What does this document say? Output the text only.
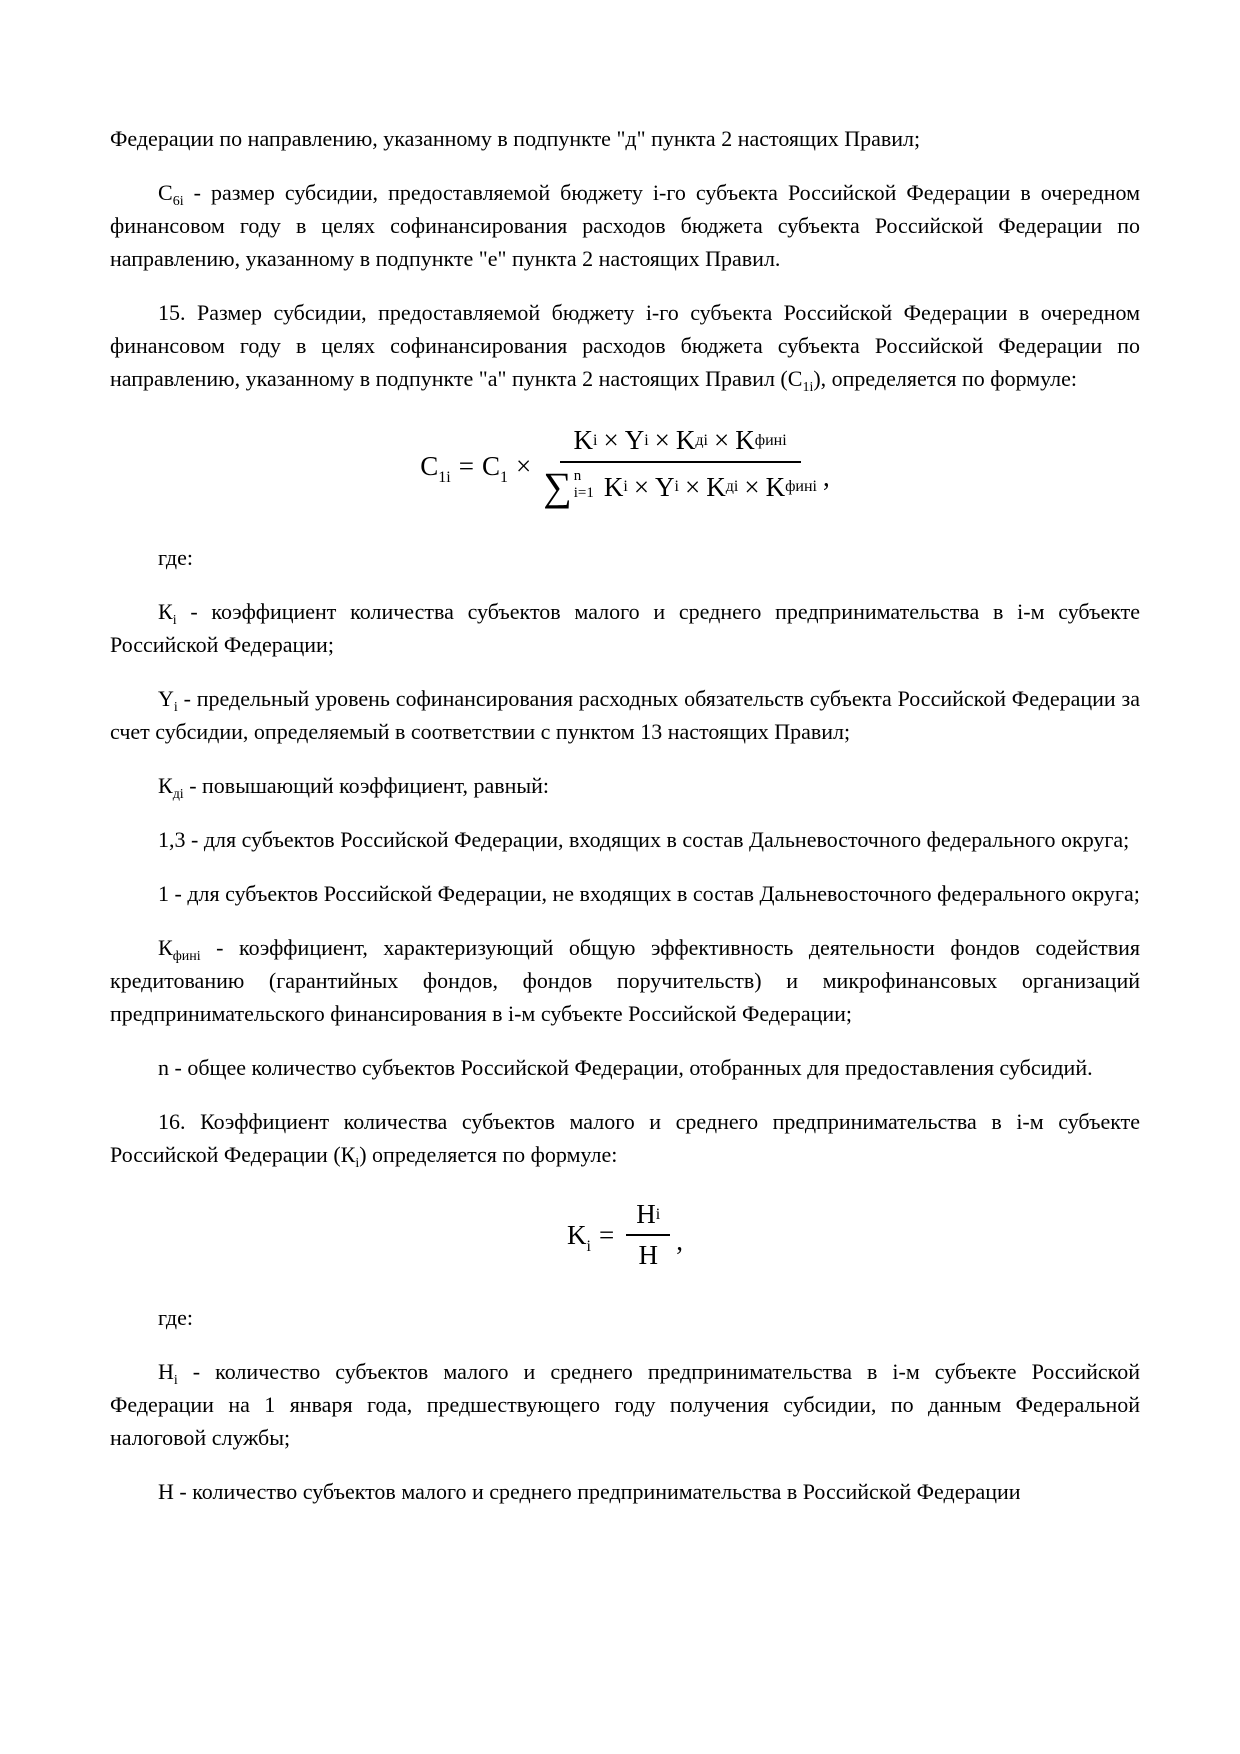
Федерации по направлению, указанному в подпункте "д" пункта 2 настоящих Правил;

$С_{6i}$ - размер субсидии, предоставляемой бюджету i-го субъекта Российской Федерации в очередном финансовом году в целях софинансирования расходов бюджета субъекта Российской Федерации по направлению, указанному в подпункте "е" пункта 2 настоящих Правил.

15. Размер субсидии, предоставляемой бюджету i-го субъекта Российской Федерации в очередном финансовом году в целях софинансирования расходов бюджета субъекта Российской Федерации по направлению, указанному в подпункте "а" пункта 2 настоящих Правил $(С_{1i})$, определяется по формуле:

$C_{1i} = C_1$ ×
K i × Y i × K дi × K финi
∑ n
i=1 K i × Y i × K дi × K финi ,

где:

$К_i$ - коэффициент количества субъектов малого и среднего предпринимательства в i-м субъекте Российской Федерации;

$Y_i$ - предельный уровень софинансирования расходных обязательств субъекта Российской Федерации за счет субсидии, определяемый в соответствии с пунктом 13 настоящих Правил;

$К_{дi}$ - повышающий коэффициент, равный:

1,3 - для субъектов Российской Федерации, входящих в состав Дальневосточного федерального округа;

1 - для субъектов Российской Федерации, не входящих в состав Дальневосточного федерального округа;

$К_{финi}$ - коэффициент, характеризующий общую эффективность деятельности фондов содействия кредитованию (гарантийных фондов, фондов поручительств) и микрофинансовых организаций предпринимательского финансирования в i-м субъекте Российской Федерации;

n - общее количество субъектов Российской Федерации, отобранных для предоставления субсидий.

16. Коэффициент количества субъектов малого и среднего предпринимательства в i-м субъекте Российской Федерации $(К_i)$ определяется по формуле:

$K_i = \frac{\text{H i}}{H}$ ,

где:

$Н_i$ - количество субъектов малого и среднего предпринимательства в i-м субъекте Российской Федерации на 1 января года, предшествующего году получения субсидии, по данным Федеральной налоговой службы;

Н - количество субъектов малого и среднего предпринимательства в Российской Федерации
